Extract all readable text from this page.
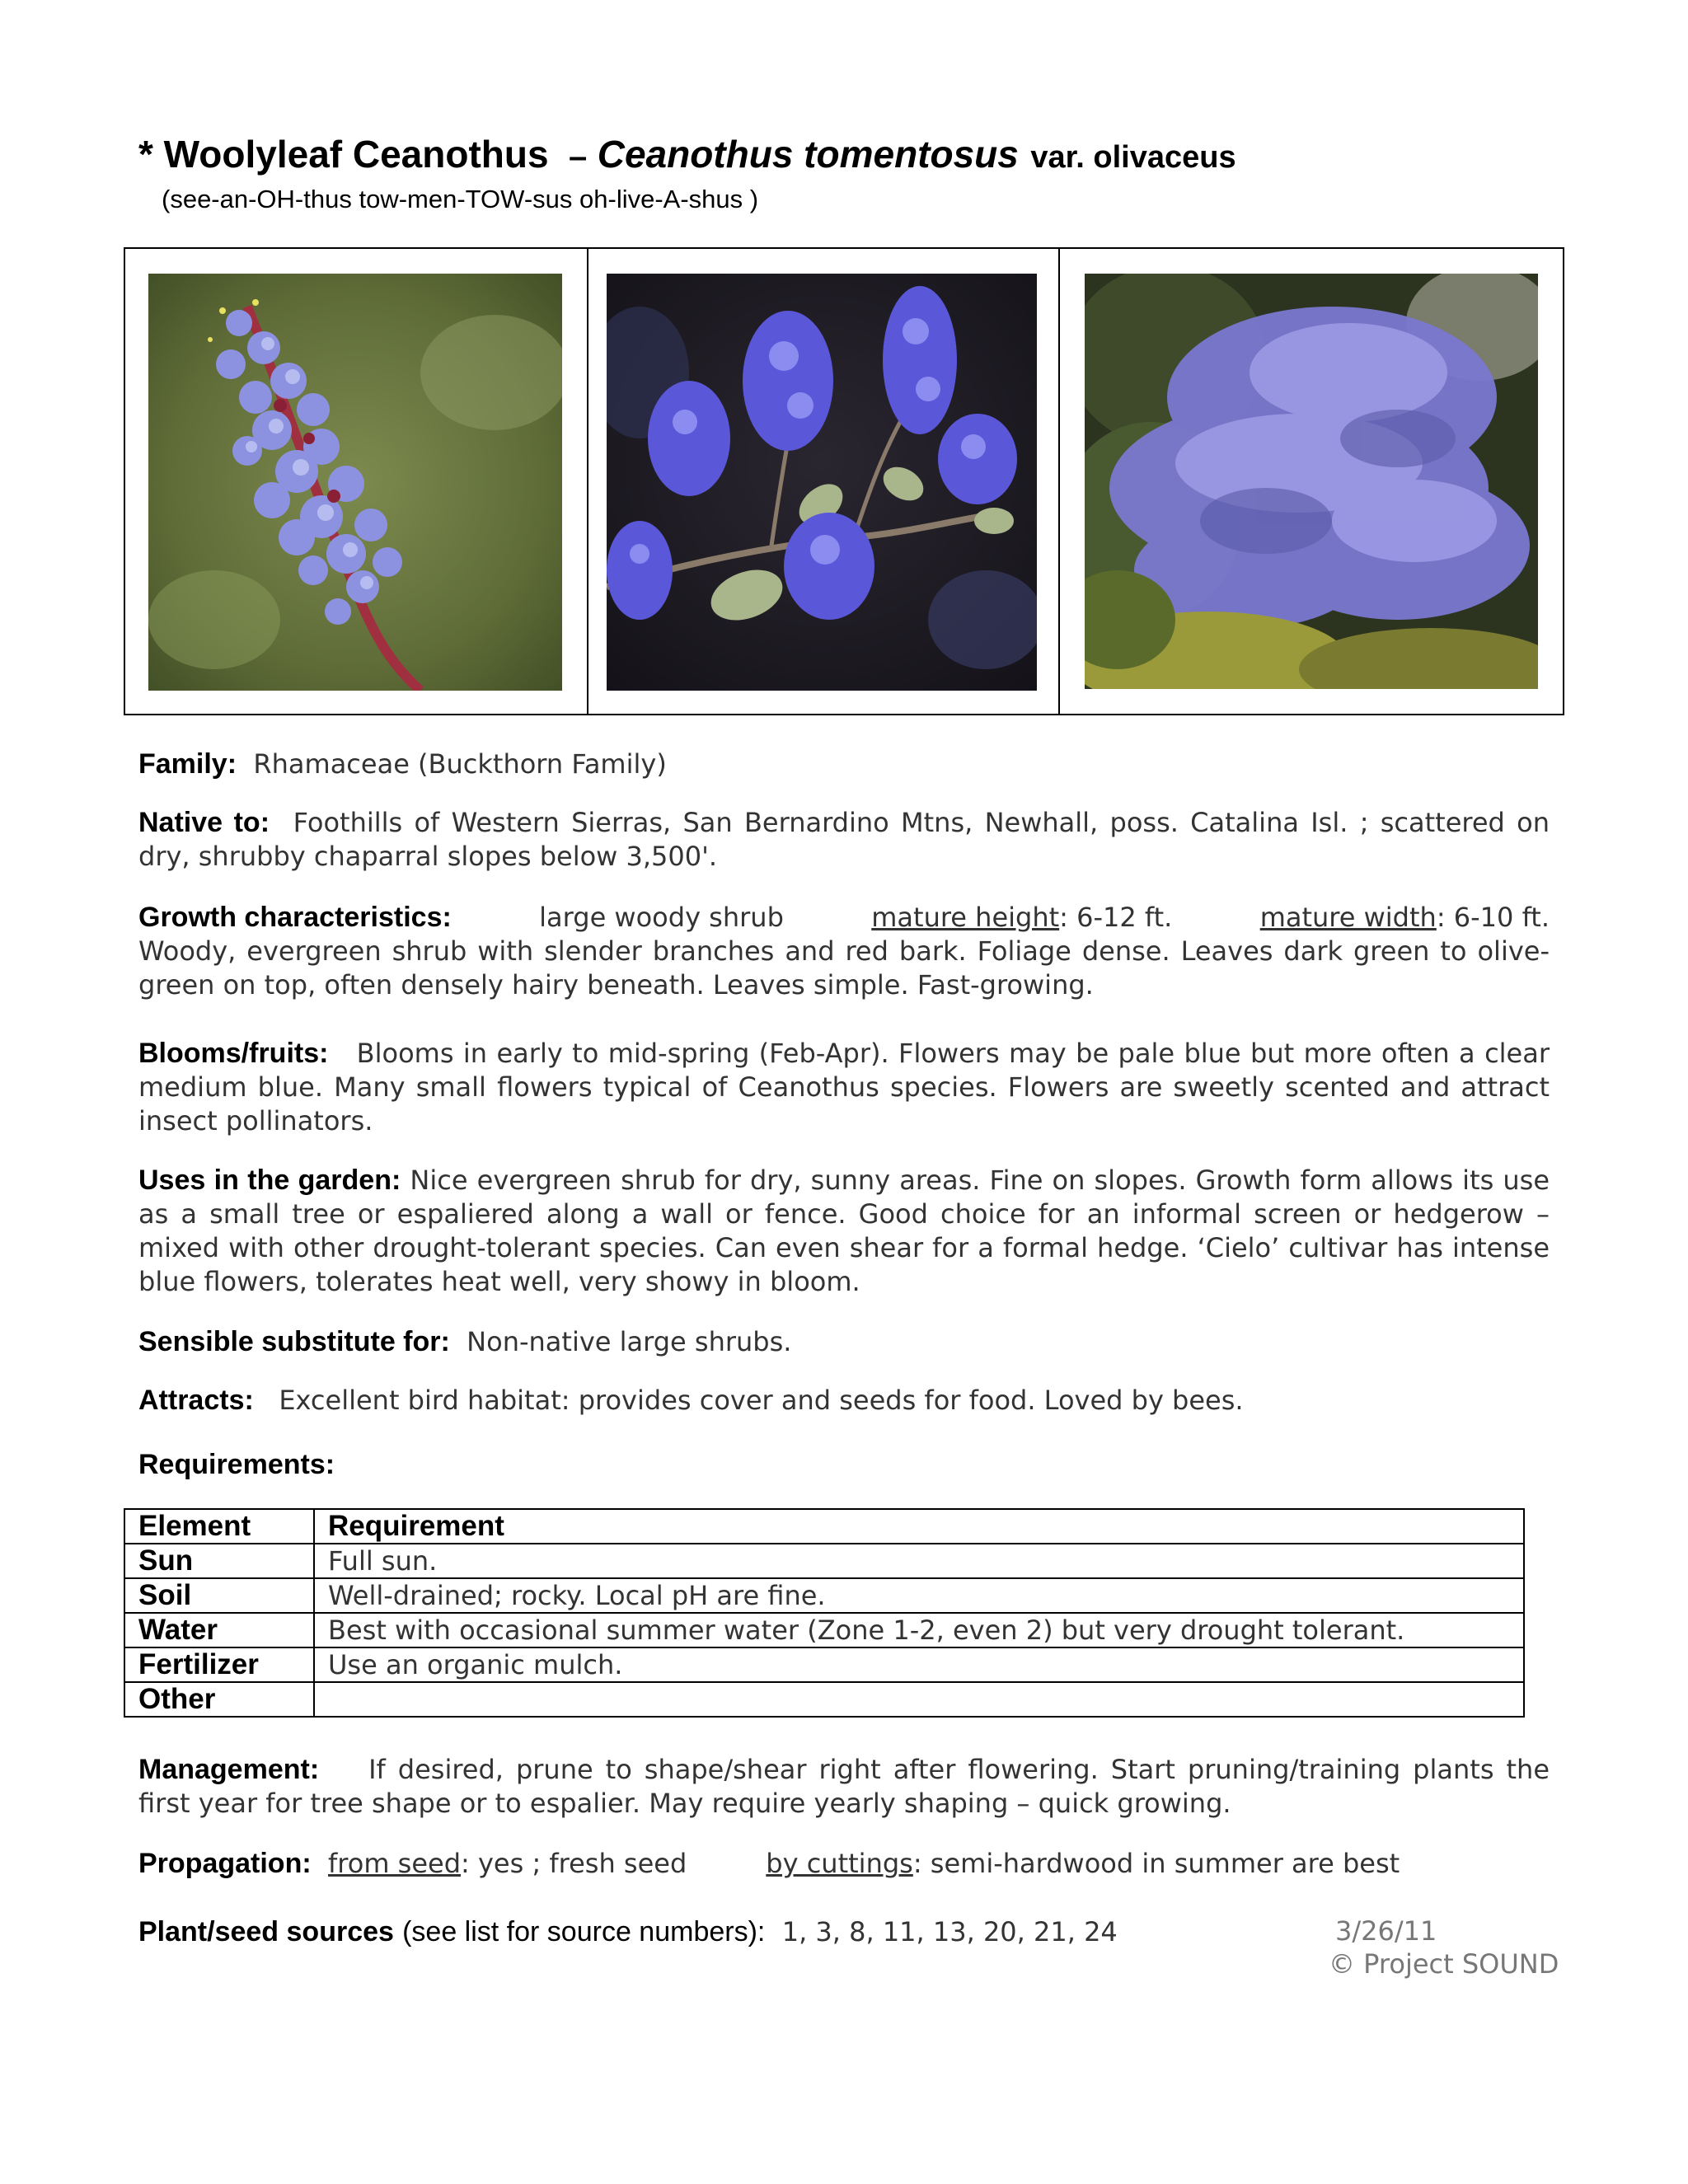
* Woolyleaf Ceanothus – Ceanothus tomentosus var. olivaceus
(see-an-OH-thus tow-men-TOW-sus oh-live-A-shus )
Family: Rhamaceae (Buckthorn Family)
Native to: Foothills of Western Sierras, San Bernardino Mtns, Newhall, poss. Catalina Isl. ; scattered on dry, shrubby chaparral slopes below 3,500'.
Growth characteristics:	large woody shrub	mature height: 6-12 ft.	mature width: 6-10 ft.
Woody, evergreen shrub with slender branches and red bark. Foliage dense. Leaves dark green to olive-green on top, often densely hairy beneath. Leaves simple. Fast-growing.
Blooms/fruits: Blooms in early to mid-spring (Feb-Apr). Flowers may be pale blue but more often a clear medium blue. Many small flowers typical of Ceanothus species. Flowers are sweetly scented and attract insect pollinators.
Uses in the garden: Nice evergreen shrub for dry, sunny areas. Fine on slopes. Growth form allows its use as a small tree or espaliered along a wall or fence. Good choice for an informal screen or hedgerow – mixed with other drought-tolerant species. Can even shear for a formal hedge. ‘Cielo’ cultivar has intense blue flowers, tolerates heat well, very showy in bloom.
Sensible substitute for: Non-native large shrubs.
Attracts: Excellent bird habitat: provides cover and seeds for food. Loved by bees.
Requirements:
Element	Requirement
Sun	Full sun.
Soil	Well-drained; rocky. Local pH are fine.
Water	Best with occasional summer water (Zone 1-2, even 2) but very drought tolerant.
Fertilizer	Use an organic mulch.
Other	
Management: If desired, prune to shape/shear right after flowering. Start pruning/training plants the first year for tree shape or to espalier. May require yearly shaping – quick growing.
Propagation: from seed: yes ; fresh seed	by cuttings: semi-hardwood in summer are best
Plant/seed sources (see list for source numbers): 1, 3, 8, 11, 13, 20, 21, 24	3/26/11
© Project SOUND
